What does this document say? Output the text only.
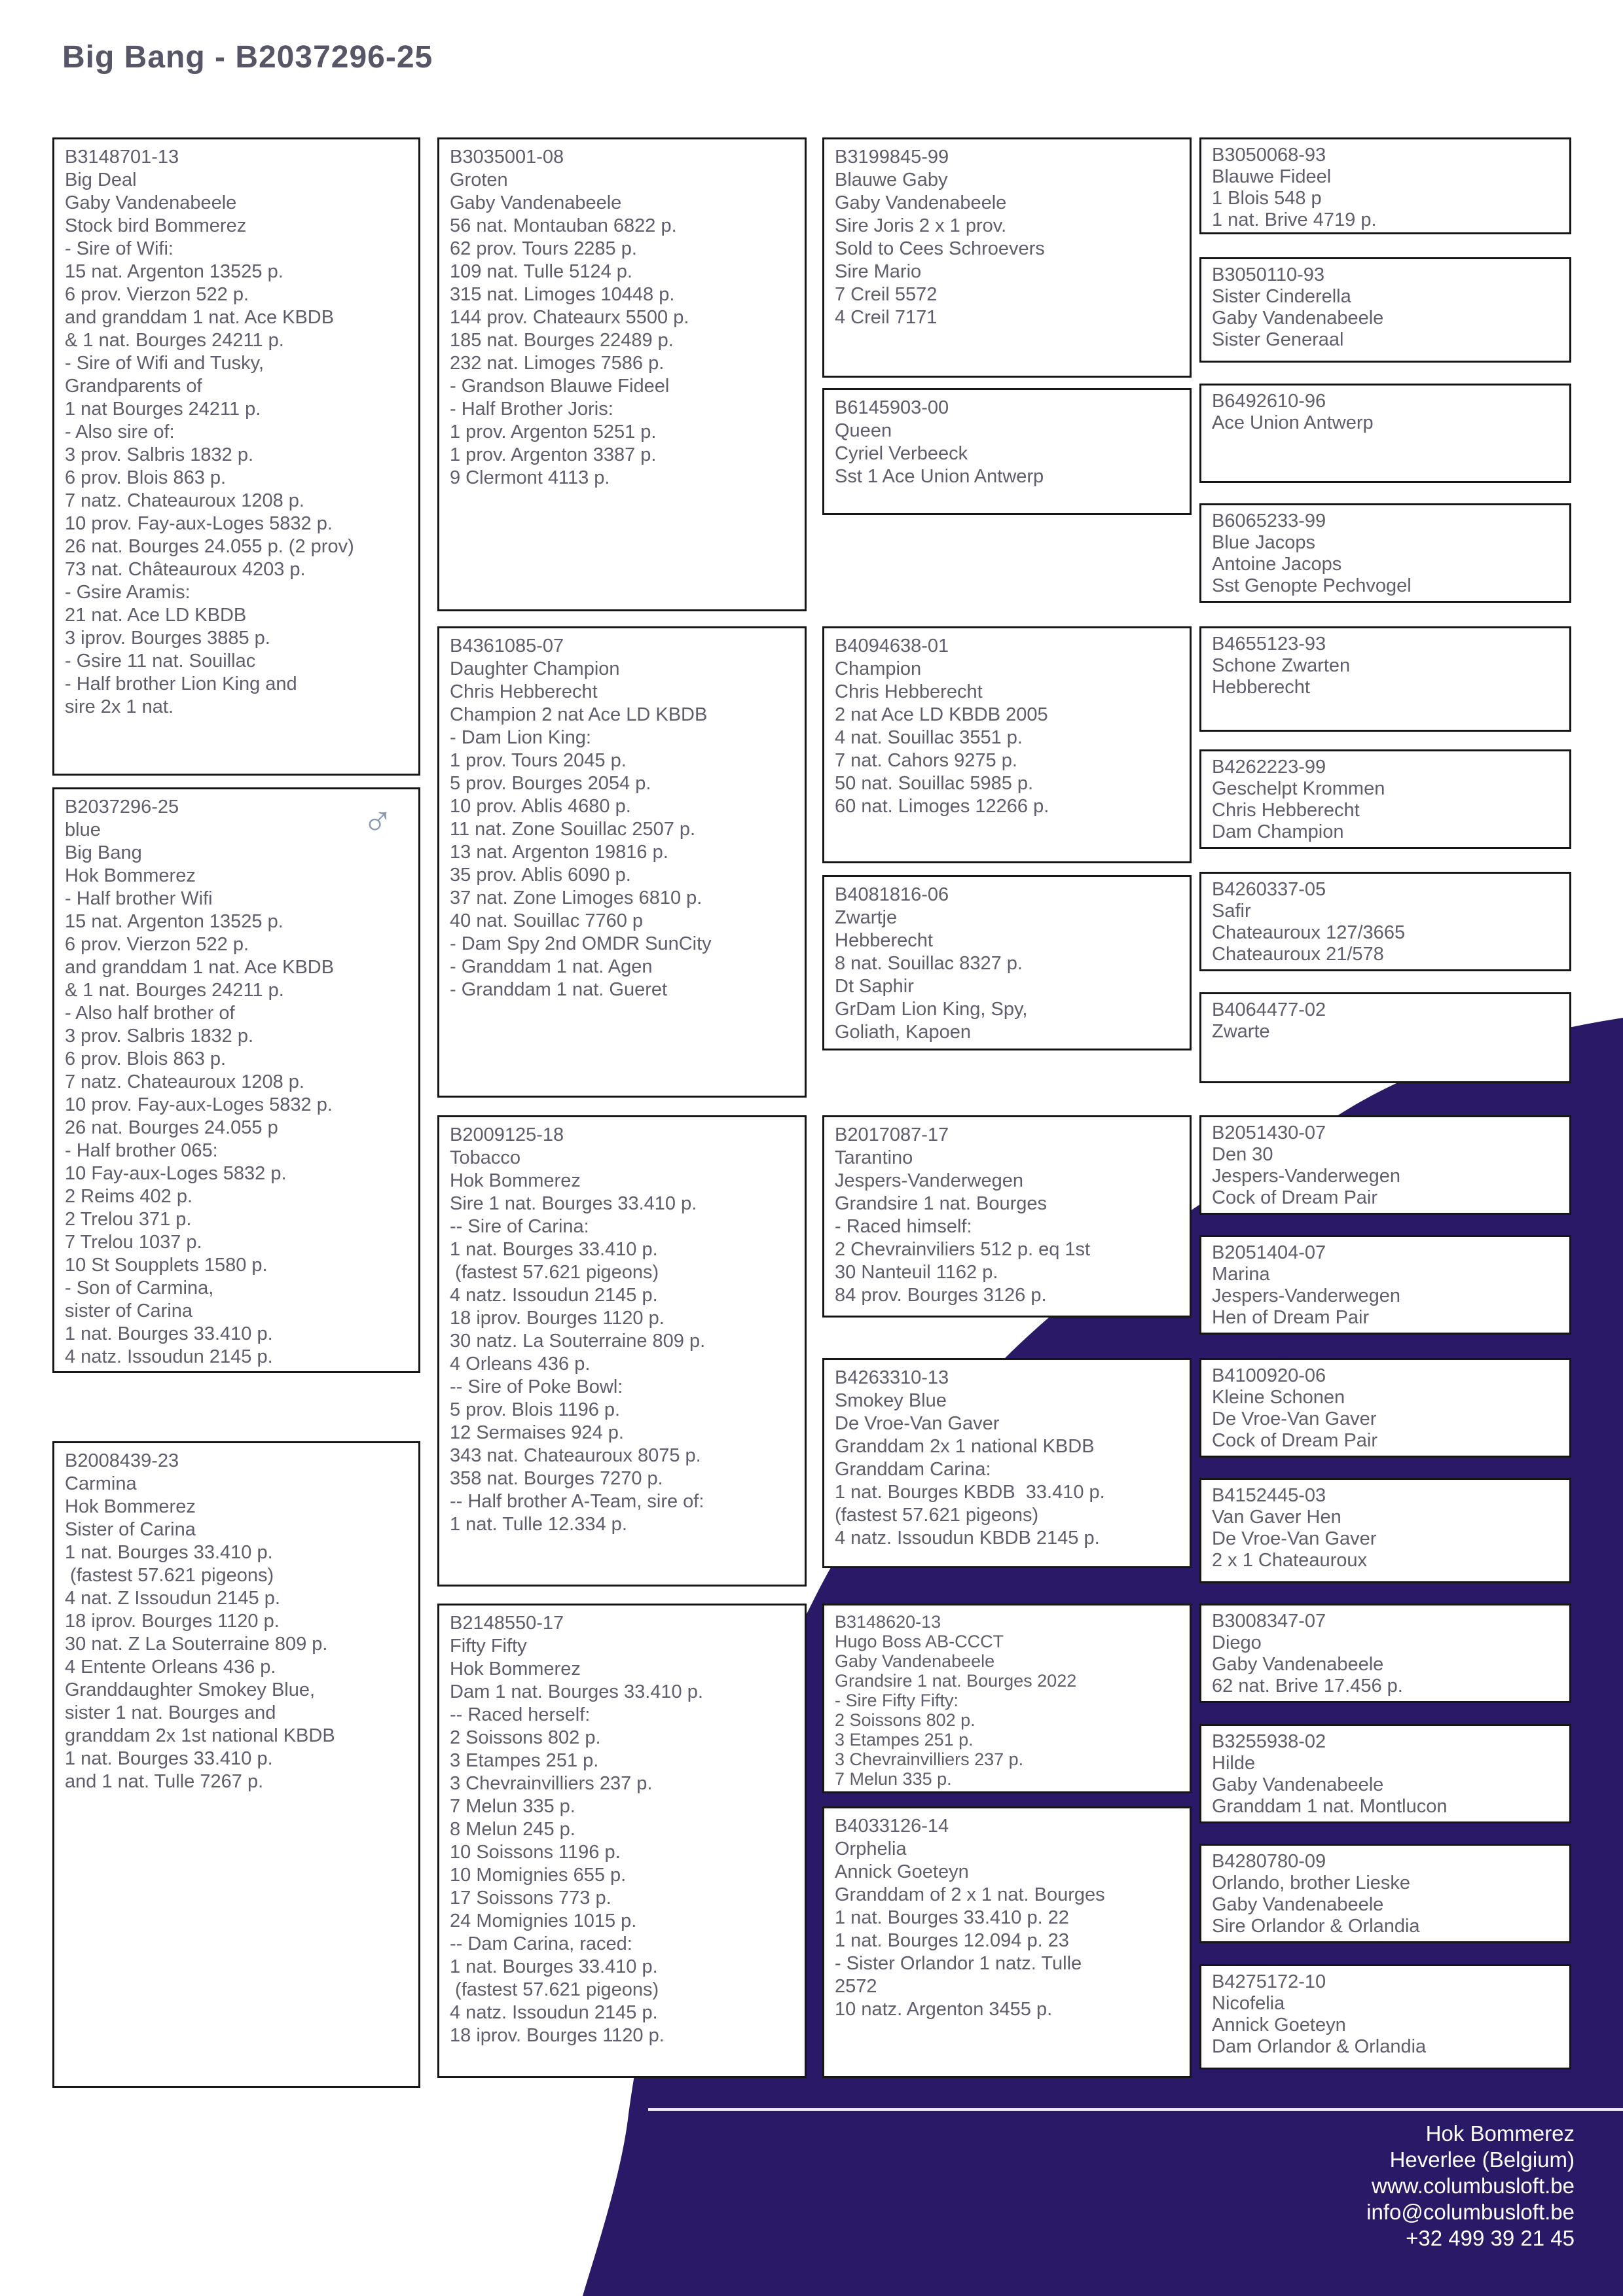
Big Bang - B2037296-25
B3148701-13
Big Deal
Gaby Vandenabeele
Stock bird Bommerez
- Sire of Wifi:
15 nat. Argenton 13525 p.
6 prov. Vierzon 522 p.
and granddam 1 nat. Ace KBDB
& 1 nat. Bourges 24211 p.
- Sire of Wifi and Tusky,
Grandparents of
1 nat Bourges 24211 p.
- Also sire of:
3 prov. Salbris 1832 p.
6 prov. Blois 863 p.
7 natz. Chateauroux 1208 p.
10 prov. Fay-aux-Loges 5832 p.
26 nat. Bourges 24.055 p. (2 prov)
73 nat. Châteauroux 4203 p.
- Gsire Aramis:
21 nat. Ace LD KBDB
3 iprov. Bourges 3885 p.
- Gsire 11 nat. Souillac
- Half brother Lion King and
sire 2x 1 nat.
B2037296-25
blue
Big Bang
Hok Bommerez
- Half brother Wifi
15 nat. Argenton 13525 p.
6 prov. Vierzon 522 p.
and granddam 1 nat. Ace KBDB
& 1 nat. Bourges 24211 p.
- Also half brother of
3 prov. Salbris 1832 p.
6 prov. Blois 863 p.
7 natz. Chateauroux 1208 p.
10 prov. Fay-aux-Loges 5832 p.
26 nat. Bourges 24.055 p
- Half brother 065:
10 Fay-aux-Loges 5832 p.
2 Reims 402 p.
2 Trelou 371 p.
7 Trelou 1037 p.
10 St Soupplets 1580 p.
- Son of Carmina,
sister of Carina
1 nat. Bourges 33.410 p.
4 natz. Issoudun 2145 p.
♂
B2008439-23
Carmina
Hok Bommerez
Sister of Carina
1 nat. Bourges 33.410 p.
(fastest 57.621 pigeons)
4 nat. Z Issoudun 2145 p.
18 iprov. Bourges 1120 p.
30 nat. Z La Souterraine 809 p.
4 Entente Orleans 436 p.
Granddaughter Smokey Blue,
sister 1 nat. Bourges and
granddam 2x 1st national KBDB
1 nat. Bourges 33.410 p.
and 1 nat. Tulle 7267 p.
B3035001-08
Groten
Gaby Vandenabeele
56 nat. Montauban 6822 p.
62 prov. Tours 2285 p.
109 nat. Tulle 5124 p.
315 nat. Limoges 10448 p.
144 prov. Chateaurx 5500 p.
185 nat. Bourges 22489 p.
232 nat. Limoges 7586 p.
- Grandson Blauwe Fideel
- Half Brother Joris:
1 prov. Argenton 5251 p.
1 prov. Argenton 3387 p.
9 Clermont 4113 p.
B4361085-07
Daughter Champion
Chris Hebberecht
Champion 2 nat Ace LD KBDB
- Dam Lion King:
1 prov. Tours 2045 p.
5 prov. Bourges 2054 p.
10 prov. Ablis 4680 p.
11 nat. Zone Souillac 2507 p.
13 nat. Argenton 19816 p.
35 prov. Ablis 6090 p.
37 nat. Zone Limoges 6810 p.
40 nat. Souillac 7760 p
- Dam Spy 2nd OMDR SunCity
- Granddam 1 nat. Agen
- Granddam 1 nat. Gueret
B2009125-18
Tobacco
Hok Bommerez
Sire 1 nat. Bourges 33.410 p.
-- Sire of Carina:
1 nat. Bourges 33.410 p.
(fastest 57.621 pigeons)
4 natz. Issoudun 2145 p.
18 iprov. Bourges 1120 p.
30 natz. La Souterraine 809 p.
4 Orleans 436 p.
-- Sire of Poke Bowl:
5 prov. Blois 1196 p.
12 Sermaises 924 p.
343 nat. Chateauroux 8075 p.
358 nat. Bourges 7270 p.
-- Half brother A-Team, sire of:
1 nat. Tulle 12.334 p.
B2148550-17
Fifty Fifty
Hok Bommerez
Dam 1 nat. Bourges 33.410 p.
-- Raced herself:
2 Soissons 802 p.
3 Etampes 251 p.
3 Chevrainvilliers 237 p.
7 Melun 335 p.
8 Melun 245 p.
10 Soissons 1196 p.
10 Momignies 655 p.
17 Soissons 773 p.
24 Momignies 1015 p.
-- Dam Carina, raced:
1 nat. Bourges 33.410 p.
(fastest 57.621 pigeons)
4 natz. Issoudun 2145 p.
18 iprov. Bourges 1120 p.
B3199845-99
Blauwe Gaby
Gaby Vandenabeele
Sire Joris 2 x 1 prov.
Sold to Cees Schroevers
Sire Mario
7 Creil 5572
4 Creil 7171
B6145903-00
Queen
Cyriel Verbeeck
Sst 1 Ace Union Antwerp
B4094638-01
Champion
Chris Hebberecht
2 nat Ace LD KBDB 2005
4 nat. Souillac 3551 p.
7 nat. Cahors 9275 p.
50 nat. Souillac 5985 p.
60 nat. Limoges 12266 p.
B4081816-06
Zwartje
Hebberecht
8 nat. Souillac 8327 p.
Dt Saphir
GrDam Lion King, Spy,
Goliath, Kapoen
B2017087-17
Tarantino
Jespers-Vanderwegen
Grandsire 1 nat. Bourges
- Raced himself:
2 Chevrainviliers 512 p. eq 1st
30 Nanteuil 1162 p.
84 prov. Bourges 3126 p.
B4263310-13
Smokey Blue
De Vroe-Van Gaver
Granddam 2x 1 national KBDB
Granddam Carina:
1 nat. Bourges KBDB  33.410 p.
(fastest 57.621 pigeons)
4 natz. Issoudun KBDB 2145 p.
B3148620-13
Hugo Boss AB-CCCT
Gaby Vandenabeele
Grandsire 1 nat. Bourges 2022
- Sire Fifty Fifty:
2 Soissons 802 p.
3 Etampes 251 p.
3 Chevrainvilliers 237 p.
7 Melun 335 p.
B4033126-14
Orphelia
Annick Goeteyn
Granddam of 2 x 1 nat. Bourges
1 nat. Bourges 33.410 p. 22
1 nat. Bourges 12.094 p. 23
- Sister Orlandor 1 natz. Tulle
2572
10 natz. Argenton 3455 p.
B3050068-93
Blauwe Fideel
1 Blois 548 p
1 nat. Brive 4719 p.
B3050110-93
Sister Cinderella
Gaby Vandenabeele
Sister Generaal
B6492610-96
Ace Union Antwerp
B6065233-99
Blue Jacops
Antoine Jacops
Sst Genopte Pechvogel
B4655123-93
Schone Zwarten
Hebberecht
B4262223-99
Geschelpt Krommen
Chris Hebberecht
Dam Champion
B4260337-05
Safir
Chateauroux 127/3665
Chateauroux 21/578
B4064477-02
Zwarte
B2051430-07
Den 30
Jespers-Vanderwegen
Cock of Dream Pair
B2051404-07
Marina
Jespers-Vanderwegen
Hen of Dream Pair
B4100920-06
Kleine Schonen
De Vroe-Van Gaver
Cock of Dream Pair
B4152445-03
Van Gaver Hen
De Vroe-Van Gaver
2 x 1 Chateauroux
B3008347-07
Diego
Gaby Vandenabeele
62 nat. Brive 17.456 p.
B3255938-02
Hilde
Gaby Vandenabeele
Granddam 1 nat. Montlucon
B4280780-09
Orlando, brother Lieske
Gaby Vandenabeele
Sire Orlandor & Orlandia
B4275172-10
Nicofelia
Annick Goeteyn
Dam Orlandor & Orlandia
Hok Bommerez
Heverlee (Belgium)
www.columbusloft.be
info@columbusloft.be
+32 499 39 21 45
